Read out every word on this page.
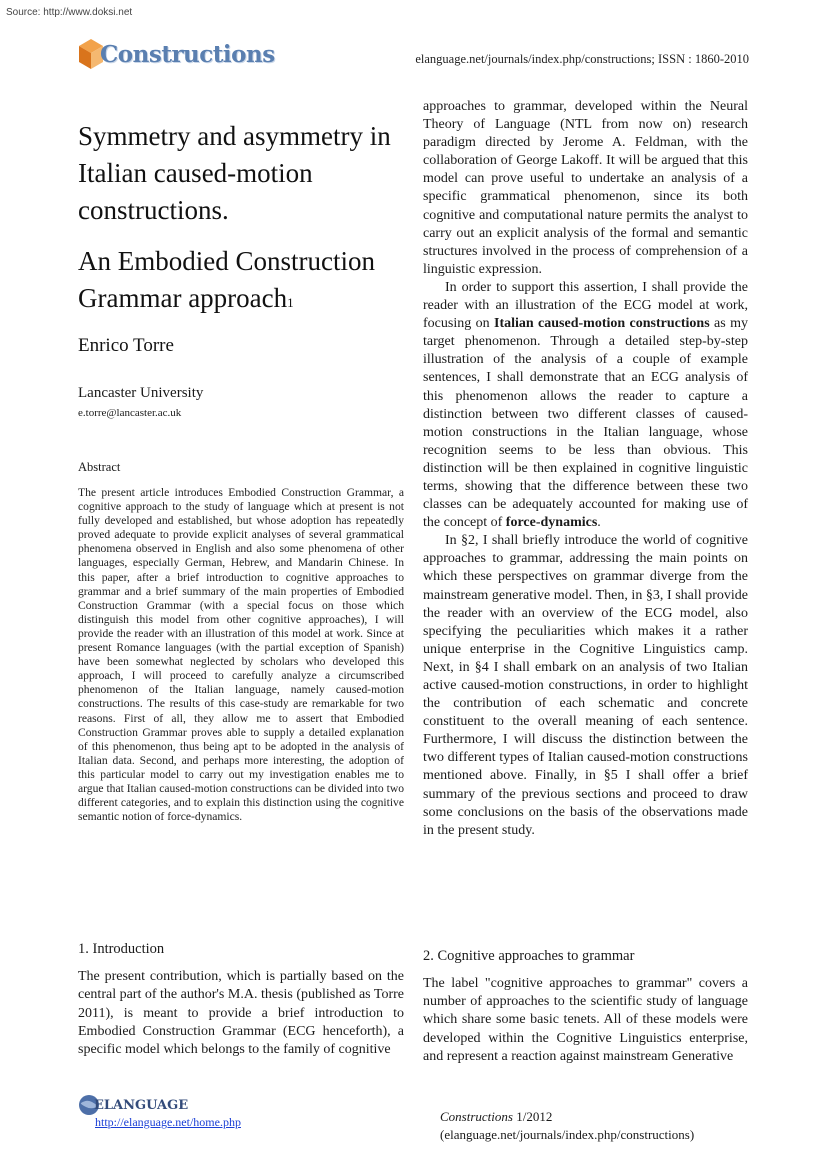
Source: http://www.doksi.net
Constructions	elanguage.net/journals/index.php/constructions; ISSN : 1860-2010
Symmetry and asymmetry in Italian caused-motion constructions.
An Embodied Construction Grammar approach$^1$
Enrico Torre
Lancaster University
e.torre@lancaster.ac.uk
Abstract
The present article introduces Embodied Construction Grammar, a cognitive approach to the study of language which at present is not fully developed and established, but whose adoption has repeatedly proved adequate to provide explicit analyses of several grammatical phenomena observed in English and also some phenomena of other languages, especially German, Hebrew, and Mandarin Chinese. In this paper, after a brief introduction to cognitive approaches to grammar and a brief summary of the main properties of Embodied Construction Grammar (with a special focus on those which distinguish this model from other cognitive approaches), I will provide the reader with an illustration of this model at work. Since at present Romance languages (with the partial exception of Spanish) have been somewhat neglected by scholars who developed this approach, I will proceed to carefully analyze a circumscribed phenomenon of the Italian language, namely caused-motion constructions. The results of this case-study are remarkable for two reasons. First of all, they allow me to assert that Embodied Construction Grammar proves able to supply a detailed explanation of this phenomenon, thus being apt to be adopted in the analysis of Italian data. Second, and perhaps more interesting, the adoption of this particular model to carry out my investigation enables me to argue that Italian caused-motion constructions can be divided into two different categories, and to explain this distinction using the cognitive semantic notion of force-dynamics.
1. Introduction
The present contribution, which is partially based on the central part of the author's M.A. thesis (published as Torre 2011), is meant to provide a brief introduction to Embodied Construction Grammar (ECG henceforth), a specific model which belongs to the family of cognitive

approaches to grammar, developed within the Neural Theory of Language (NTL from now on) research paradigm directed by Jerome A. Feldman, with the collaboration of George Lakoff. It will be argued that this model can prove useful to undertake an analysis of a specific grammatical phenomenon, since its both cognitive and computational nature permits the analyst to carry out an explicit analysis of the formal and semantic structures involved in the process of comprehension of a linguistic expression.

In order to support this assertion, I shall provide the reader with an illustration of the ECG model at work, focusing on Italian caused-motion constructions as my target phenomenon. Through a detailed step-by-step illustration of the analysis of a couple of example sentences, I shall demonstrate that an ECG analysis of this phenomenon allows the reader to capture a distinction between two different classes of caused-motion constructions in the Italian language, whose recognition seems to be less than obvious. This distinction will be then explained in cognitive linguistic terms, showing that the difference between these two classes can be adequately accounted for making use of the concept of force-dynamics.

In §2, I shall briefly introduce the world of cognitive approaches to grammar, addressing the main points on which these perspectives on grammar diverge from the mainstream generative model. Then, in §3, I shall provide the reader with an overview of the ECG model, also specifying the peculiarities which makes it a rather unique enterprise in the Cognitive Linguistics camp. Next, in §4 I shall embark on an analysis of two Italian active caused-motion constructions, in order to highlight the contribution of each schematic and concrete constituent to the overall meaning of each sentence. Furthermore, I will discuss the distinction between the two different types of Italian caused-motion constructions mentioned above. Finally, in §5 I shall offer a brief summary of the previous sections and proceed to draw some conclusions on the basis of the observations made in the present study.

2. Cognitive approaches to grammar
The label "cognitive approaches to grammar" covers a number of approaches to the scientific study of language which share some basic tenets. All of these models were developed within the Cognitive Linguistics enterprise, and represent a reaction against mainstream Generative
ELANGUAGE
http://elanguage.net/home.php	Constructions 1/2012
(elanguage.net/journals/index.php/constructions)
